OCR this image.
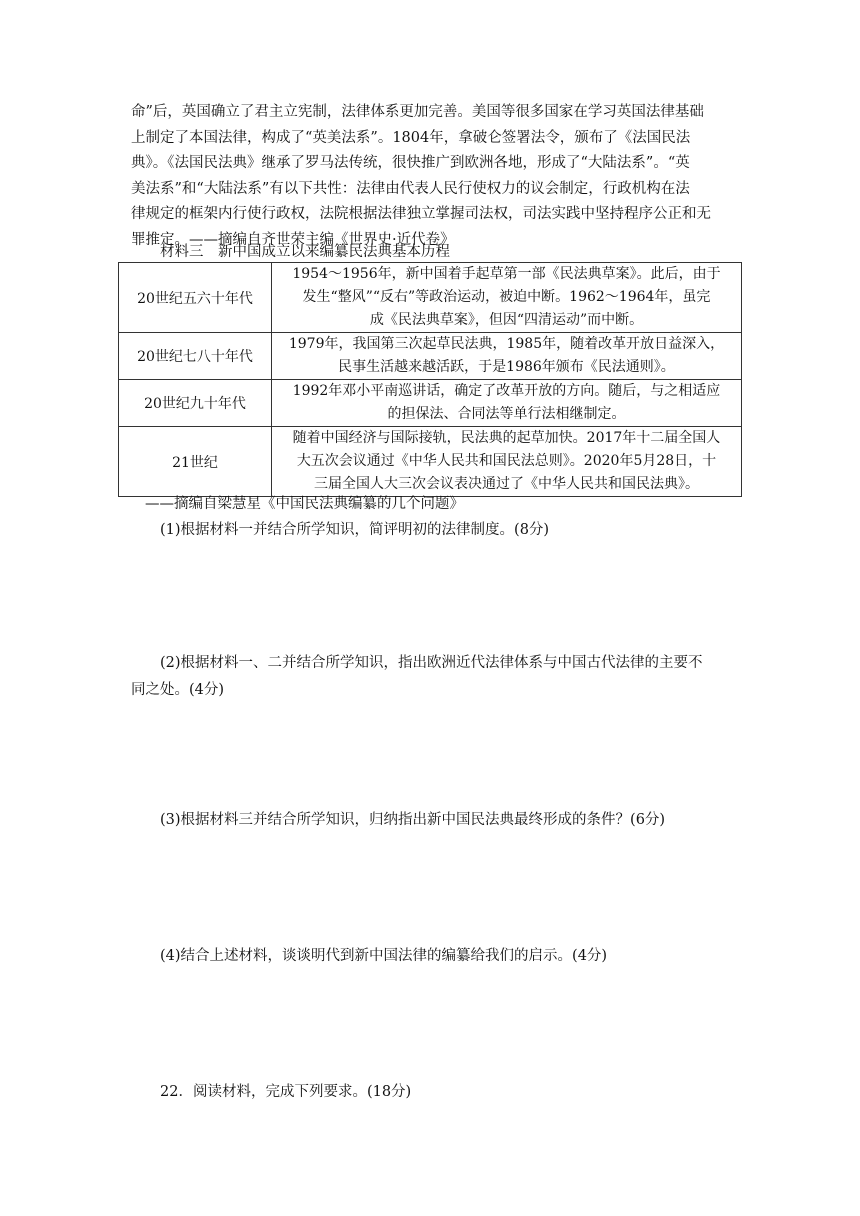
命”后，英国确立了君主立宪制，法律体系更加完善。美国等很多国家在学习英国法律基础
上制定了本国法律，构成了“英美法系”。1804年，拿破仑签署法令，颁布了《法国民法
典》。《法国民法典》继承了罗马法传统，很快推广到欧洲各地，形成了“大陆法系”。“英
美法系”和“大陆法系”有以下共性：法律由代表人民行使权力的议会制定，行政机构在法
律规定的框架内行使行政权，法院根据法律独立掌握司法权，司法实践中坚持程序公正和无
罪推定。——摘编自齐世荣主编《世界史·近代卷》
材料三　新中国成立以来编纂民法典基本历程
20世纪五六十年代	1954～1956年，新中国着手起草第一部《民法典草案》。此后，由于
发生“整风”“反右”等政治运动，被迫中断。1962～1964年，虽完
成《民法典草案》，但因“四清运动”而中断。

20世纪七八十年代	1979年，我国第三次起草民法典，1985年，随着改革开放日益深入，
民事生活越来越活跃，于是1986年颁布《民法通则》。

20世纪九十年代	1992年邓小平南巡讲话，确定了改革开放的方向。随后，与之相适应
的担保法、合同法等单行法相继制定。

21世纪	随着中国经济与国际接轨，民法典的起草加快。2017年十二届全国人
大五次会议通过《中华人民共和国民法总则》。2020年5月28日，十
三届全国人大三次会议表决通过了《中华人民共和国民法典》。
——摘编自梁慧星《中国民法典编纂的几个问题》
(1)根据材料一并结合所学知识，简评明初的法律制度。(8分)
(2)根据材料一、二并结合所学知识，指出欧洲近代法律体系与中国古代法律的主要不
同之处。(4分)
(3)根据材料三并结合所学知识，归纳指出新中国民法典最终形成的条件？(6分)
(4)结合上述材料，谈谈明代到新中国法律的编纂给我们的启示。(4分)
22．阅读材料，完成下列要求。(18分)
